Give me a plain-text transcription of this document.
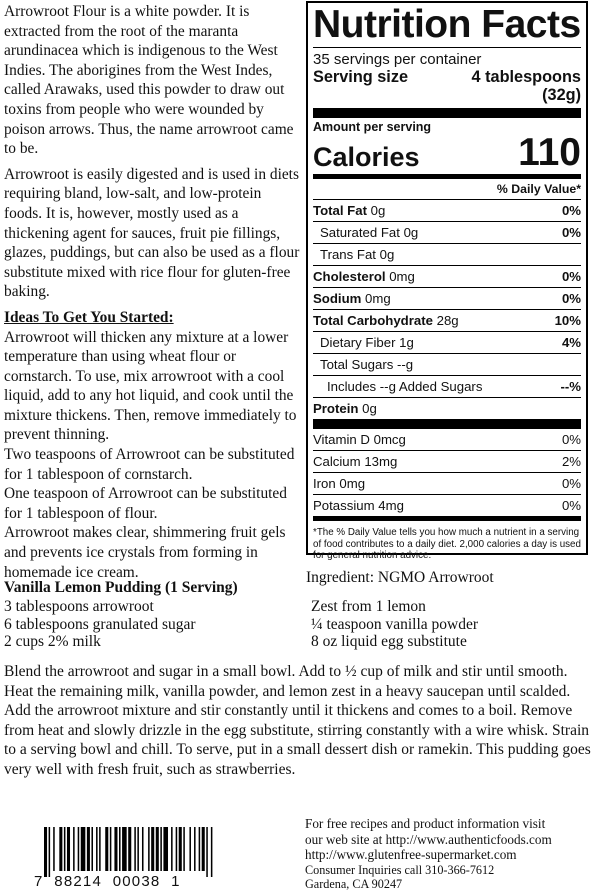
Arrowroot Flour is a white powder. It is extracted from the root of the maranta arundinacea which is indigenous to the West Indies. The aborigines from the West Indes, called Arawaks, used this powder to draw out toxins from people who were wounded by poison arrows. Thus, the name arrowroot came to be.

Arrowroot is easily digested and is used in diets requiring bland, low-salt, and low-protein foods. It is, however, mostly used as a thickening agent for sauces, fruit pie fillings, glazes, puddings, but can also be used as a flour substitute mixed with rice flour for gluten-free baking.

Ideas To Get You Started:

Arrowroot will thicken any mixture at a lower temperature than using wheat flour or cornstarch. To use, mix arrowroot with a cool liquid, add to any hot liquid, and cook until the mixture thickens. Then, remove immediately to prevent thinning.
Two teaspoons of Arrowroot can be substituted for 1 tablespoon of cornstarch.
One teaspoon of Arrowroot can be substituted for 1 tablespoon of flour.
Arrowroot makes clear, shimmering fruit gels and prevents ice crystals from forming in homemade ice cream.
Nutrition Facts
35 servings per container
Serving size	4 tablespoons
(32g)
Amount per serving
Calories	110
% Daily Value*
Total Fat 0g	0%
Saturated Fat 0g	0%
Trans Fat 0g
Cholesterol 0mg	0%
Sodium 0mg	0%
Total Carbohydrate 28g	10%
Dietary Fiber 1g	4%
Total Sugars --g
Includes --g Added Sugars	--%
Protein 0g
Vitamin D 0mcg	0%
Calcium 13mg	2%
Iron 0mg	0%
Potassium 4mg	0%
*The % Daily Value tells you how much a nutrient in a serving of food contributes to a daily diet. 2,000 calories a day is used for general nutrition advice.
Ingredient: NGMO Arrowroot
Vanilla Lemon Pudding (1 Serving)
3 tablespoons arrowroot
6 tablespoons granulated sugar
2 cups 2% milk
Zest from 1 lemon
¼ teaspoon vanilla powder
8 oz liquid egg substitute
Blend the arrowroot and sugar in a small bowl. Add to ½ cup of milk and stir until smooth. Heat the remaining milk, vanilla powder, and lemon zest in a heavy saucepan until scalded. Add the arrowroot mixture and stir constantly until it thickens and comes to a boil. Remove from heat and slowly drizzle in the egg substitute, stirring constantly with a wire whisk. Strain to a serving bowl and chill. To serve, put in a small dessert dish or ramekin. This pudding goes very well with fresh fruit, such as strawberries.
7  88214  00038  1
For free recipes and product information visit
our web site at http://www.authenticfoods.com
http://www.glutenfree-supermarket.com
Consumer Inquiries call 310-366-7612
Gardena, CA 90247
